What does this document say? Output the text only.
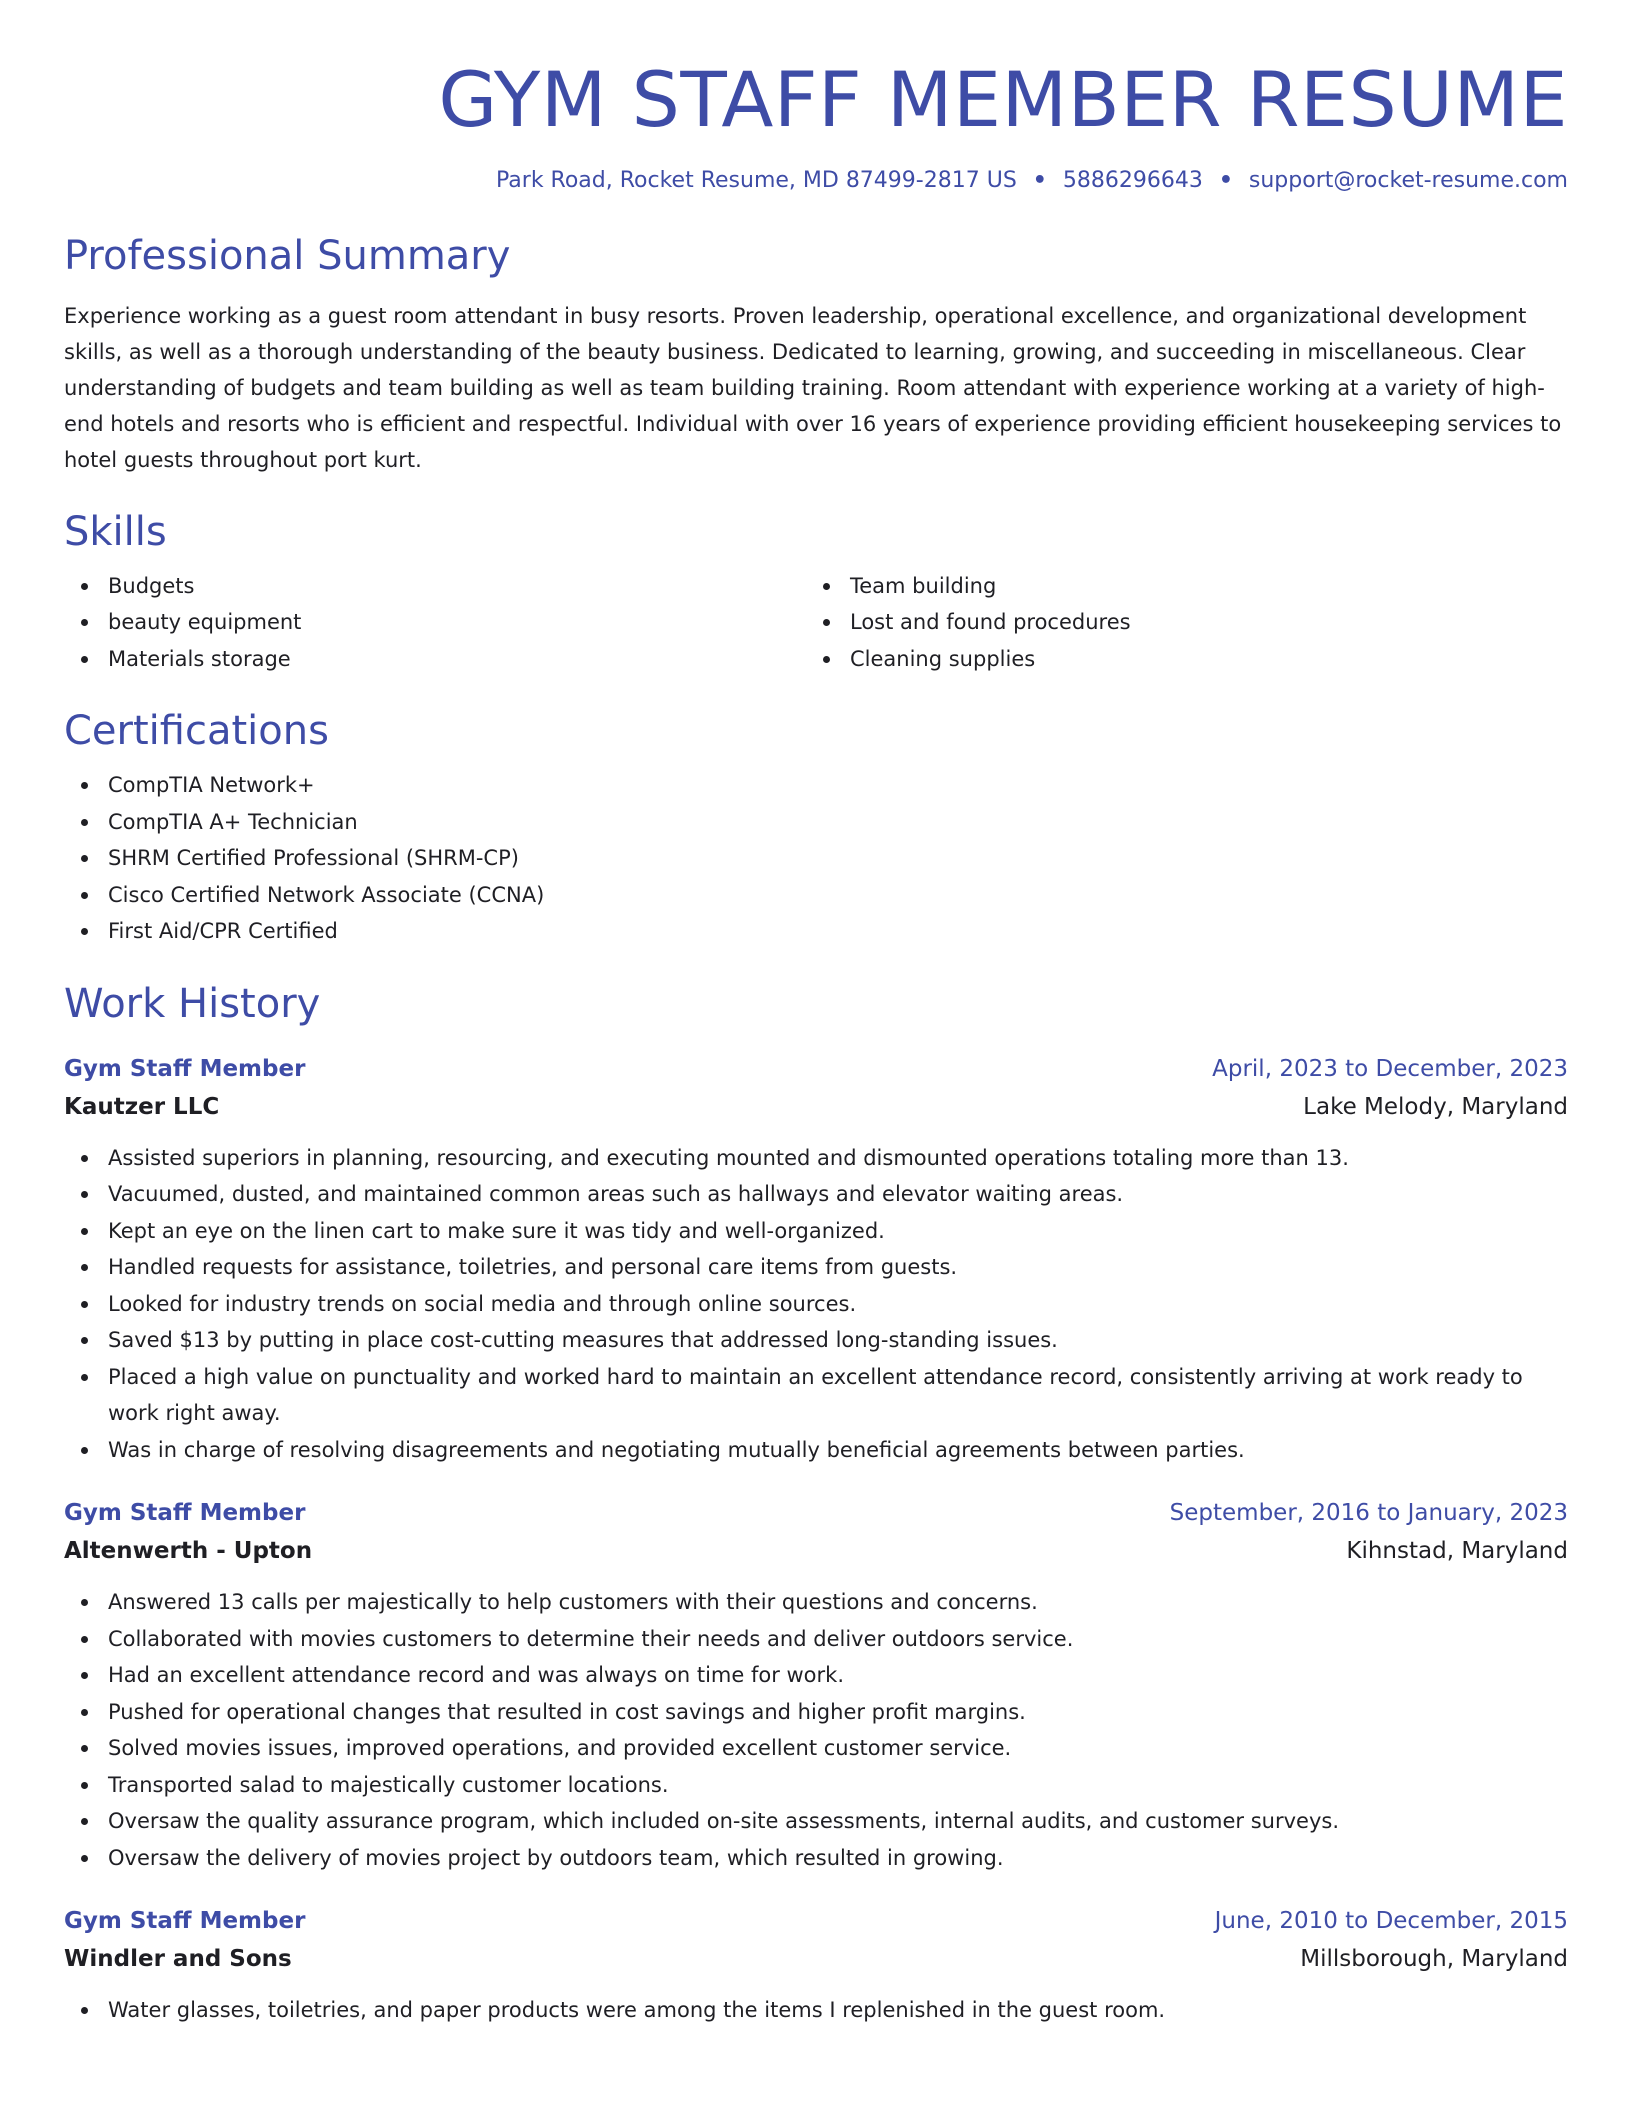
GYM STAFF MEMBER RESUME
Park Road, Rocket Resume, MD 87499-2817 US • 5886296643 • support@rocket-resume.com
Professional Summary
Experience working as a guest room attendant in busy resorts. Proven leadership, operational excellence, and organizational development skills, as well as a thorough understanding of the beauty business. Dedicated to learning, growing, and succeeding in miscellaneous. Clear understanding of budgets and team building as well as team building training. Room attendant with experience working at a variety of high-end hotels and resorts who is efficient and respectful. Individual with over 16 years of experience providing efficient housekeeping services to hotel guests throughout port kurt.
Skills
Budgets
beauty equipment
Materials storage
Team building
Lost and found procedures
Cleaning supplies
Certifications
CompTIA Network+
CompTIA A+ Technician
SHRM Certified Professional (SHRM-CP)
Cisco Certified Network Associate (CCNA)
First Aid/CPR Certified
Work History
Gym Staff Member	April, 2023 to December, 2023
Kautzer LLC	Lake Melody, Maryland
Assisted superiors in planning, resourcing, and executing mounted and dismounted operations totaling more than 13.
Vacuumed, dusted, and maintained common areas such as hallways and elevator waiting areas.
Kept an eye on the linen cart to make sure it was tidy and well-organized.
Handled requests for assistance, toiletries, and personal care items from guests.
Looked for industry trends on social media and through online sources.
Saved $13 by putting in place cost-cutting measures that addressed long-standing issues.
Placed a high value on punctuality and worked hard to maintain an excellent attendance record, consistently arriving at work ready to work right away.
Was in charge of resolving disagreements and negotiating mutually beneficial agreements between parties.
Gym Staff Member	September, 2016 to January, 2023
Altenwerth - Upton	Kihnstad, Maryland
Answered 13 calls per majestically to help customers with their questions and concerns.
Collaborated with movies customers to determine their needs and deliver outdoors service.
Had an excellent attendance record and was always on time for work.
Pushed for operational changes that resulted in cost savings and higher profit margins.
Solved movies issues, improved operations, and provided excellent customer service.
Transported salad to majestically customer locations.
Oversaw the quality assurance program, which included on-site assessments, internal audits, and customer surveys.
Oversaw the delivery of movies project by outdoors team, which resulted in growing.
Gym Staff Member	June, 2010 to December, 2015
Windler and Sons	Millsborough, Maryland
Water glasses, toiletries, and paper products were among the items I replenished in the guest room.
